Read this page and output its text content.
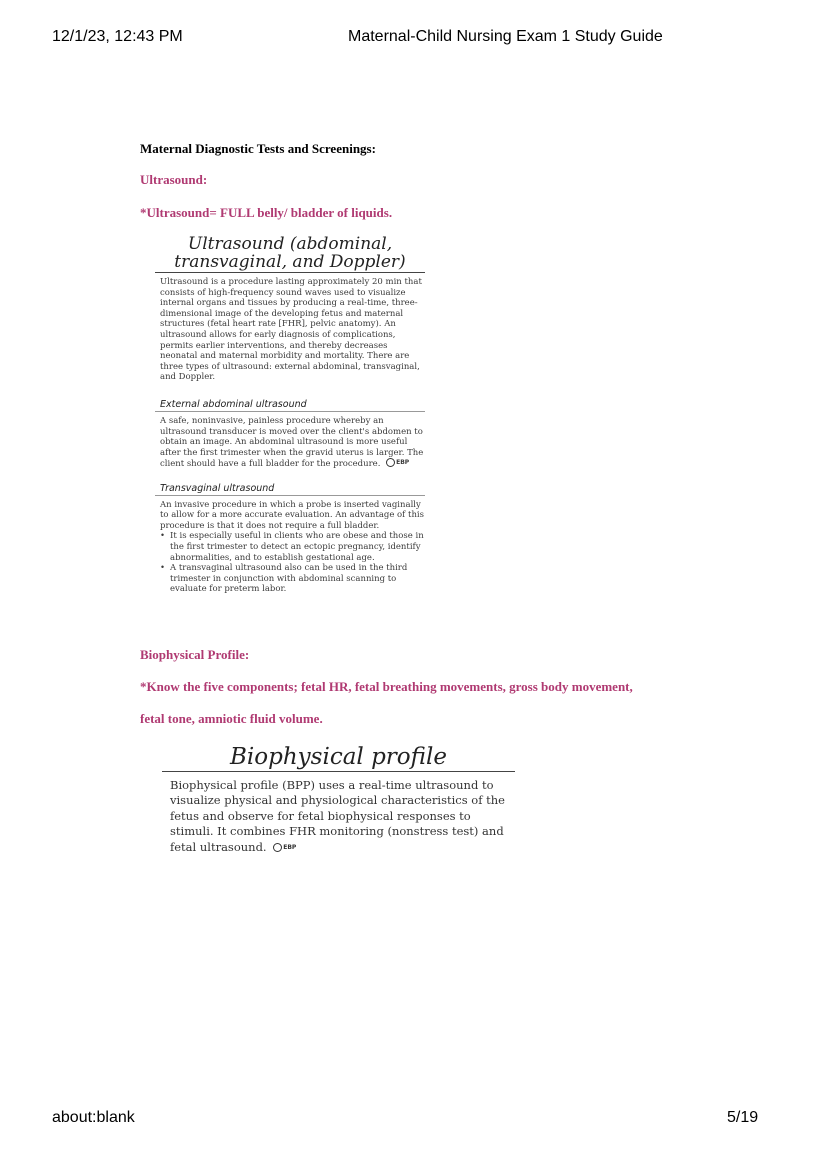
12/1/23, 12:43 PM	Maternal-Child Nursing Exam 1 Study Guide
Maternal Diagnostic Tests and Screenings:
Ultrasound:
*Ultrasound= FULL belly/ bladder of liquids.
Ultrasound (abdominal,
transvaginal, and Doppler)
Ultrasound is a procedure lasting approximately 20 min that consists of high-frequency sound waves used to visualize internal organs and tissues by producing a real-time, three-dimensional image of the developing fetus and maternal structures (fetal heart rate [FHR], pelvic anatomy). An ultrasound allows for early diagnosis of complications, permits earlier interventions, and thereby decreases neonatal and maternal morbidity and mortality. There are three types of ultrasound: external abdominal, transvaginal, and Doppler.
External abdominal ultrasound
A safe, noninvasive, painless procedure whereby an ultrasound transducer is moved over the client's abdomen to obtain an image. An abdominal ultrasound is more useful after the first trimester when the gravid uterus is larger. The client should have a full bladder for the procedure.	EBP
Transvaginal ultrasound
An invasive procedure in which a probe is inserted vaginally to allow for a more accurate evaluation. An advantage of this procedure is that it does not require a full bladder.
• It is especially useful in clients who are obese and those in the first trimester to detect an ectopic pregnancy, identify abnormalities, and to establish gestational age.
• A transvaginal ultrasound also can be used in the third trimester in conjunction with abdominal scanning to evaluate for preterm labor.
Biophysical Profile:
*Know the five components; fetal HR, fetal breathing movements, gross body movement,
fetal tone, amniotic fluid volume.
Biophysical profile
Biophysical profile (BPP) uses a real-time ultrasound to visualize physical and physiological characteristics of the fetus and observe for fetal biophysical responses to stimuli. It combines FHR monitoring (nonstress test) and fetal ultrasound.	EBP
about:blank	5/19
